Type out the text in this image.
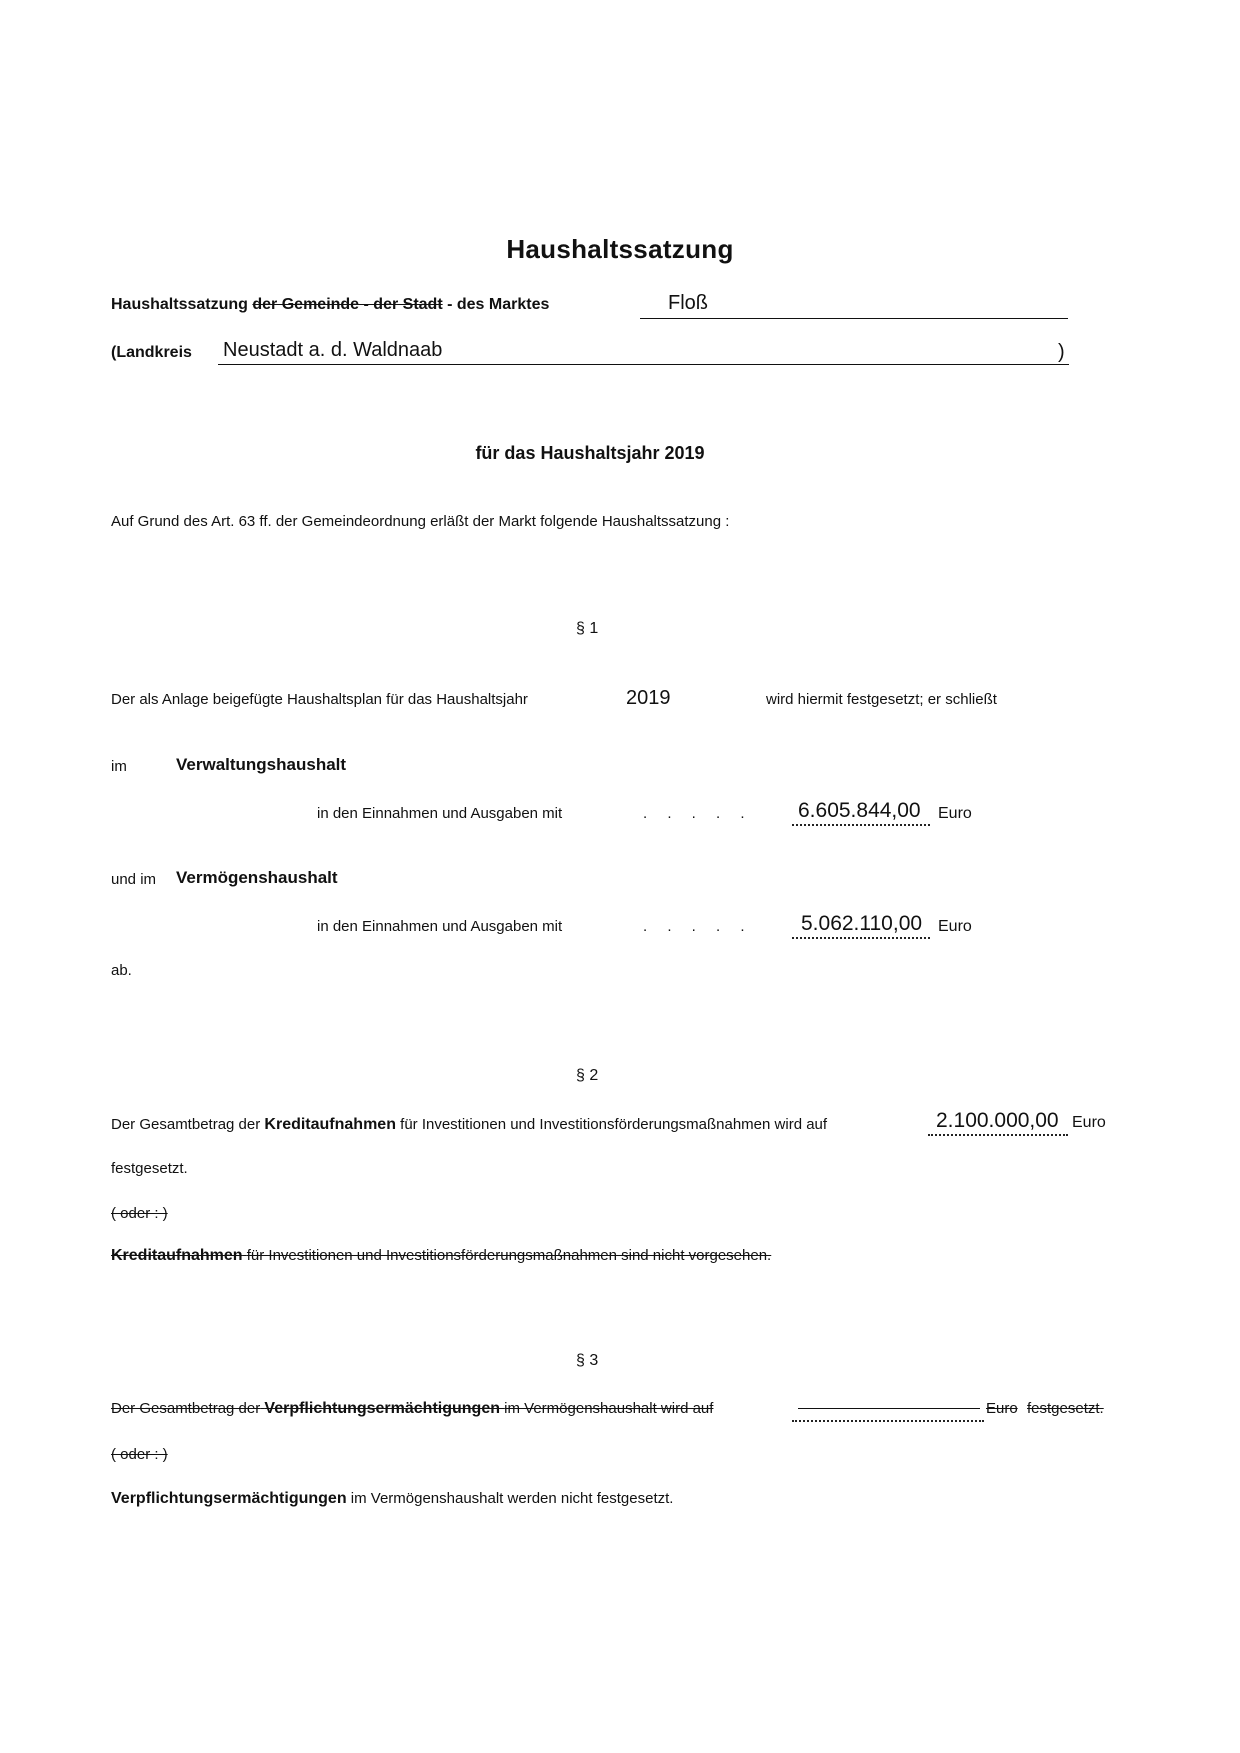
Haushaltssatzung
Haushaltssatzung der Gemeinde - der Stadt - des Marktes	Floß
(Landkreis Neustadt a. d. Waldnaab	)
für das Haushaltsjahr 2019
Auf Grund des Art. 63 ff. der Gemeindeordnung erläßt der Markt folgende Haushaltssatzung :
§ 1
Der als Anlage beigefügte Haushaltsplan für das Haushaltsjahr	2019	wird hiermit festgesetzt; er schließt
im	Verwaltungshaushalt
in den Einnahmen und Ausgaben mit	. . . . . 6.605.844,00 Euro
und im Vermögenshaushalt
in den Einnahmen und Ausgaben mit	. . . . . 5.062.110,00 Euro
ab.
§ 2
Der Gesamtbetrag der Kreditaufnahmen für Investitionen und Investitionsförderungsmaßnahmen wird auf	2.100.000,00 Euro
festgesetzt.
( oder : )
Kreditaufnahmen für Investitionen und Investitionsförderungsmaßnahmen sind nicht vorgesehen.
§ 3
Der Gesamtbetrag der Verpflichtungsermächtigungen im Vermögenshaushalt wird auf	Euro festgesetzt.
( oder : )
Verpflichtungsermächtigungen im Vermögenshaushalt werden nicht festgesetzt.
